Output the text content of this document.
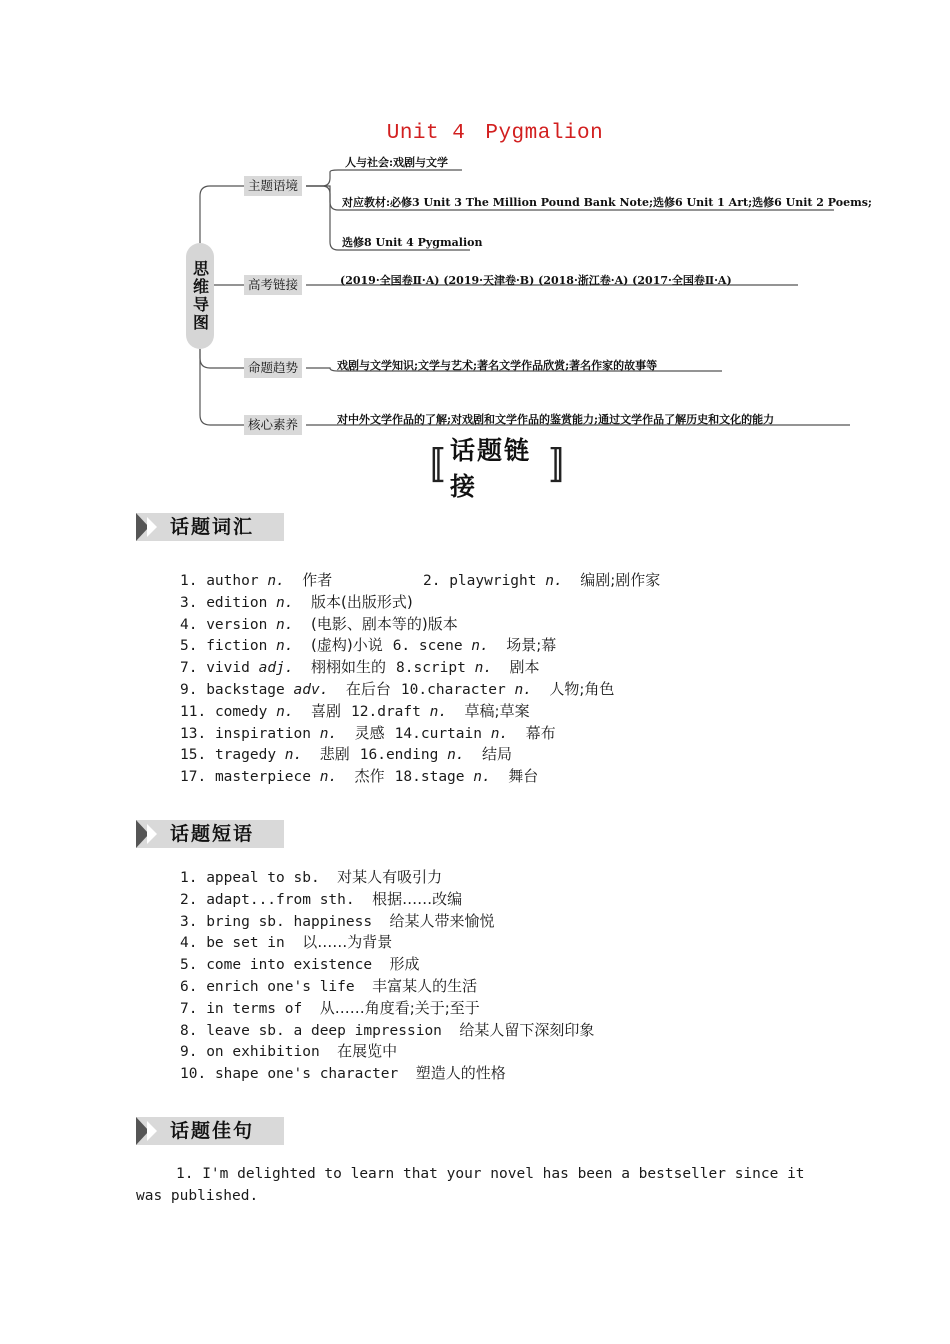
Unit 4 Pygmalion
思维导图
主题语境
高考链接
命题趋势
核心素养
人与社会:戏剧与文学
对应教材:必修3 Unit 3 The Million Pound Bank Note;选修6 Unit 1 Art;选修6 Unit 2 Poems;
选修8 Unit 4 Pygmalion
(2019·全国卷Ⅱ·A) (2019·天津卷·B) (2018·浙江卷·A) (2017·全国卷Ⅱ·A)
戏剧与文学知识;文学与艺术;著名文学作品欣赏;著名作家的故事等
对中外文学作品的了解;对戏剧和文学作品的鉴赏能力;通过文学作品了解历史和文化的能力
〚 话题链接	〛
话题词汇
1. author n. 作者	2. playwright n. 编剧;剧作家
3. edition n. 版本(出版形式)
4. version n. (电影、剧本等的)版本
5. fiction n. (虚构)小说 6. scene n. 场景;幕
7. vivid adj. 栩栩如生的 8.script n. 剧本
9. backstage adv. 在后台 10.character n. 人物;角色
11. comedy n. 喜剧 12.draft n. 草稿;草案
13. inspiration n. 灵感 14.curtain n. 幕布
15. tragedy n. 悲剧 16.ending n. 结局
17. masterpiece n. 杰作 18.stage n. 舞台
话题短语
1. appeal to sb. 对某人有吸引力
2. adapt...from sth. 根据……改编
3. bring sb. happiness 给某人带来愉悦
4. be set in 以……为背景
5. come into existence 形成
6. enrich one's life 丰富某人的生活
7. in terms of 从……角度看;关于;至于
8. leave sb. a deep impression 给某人留下深刻印象
9. on exhibition 在展览中
10. shape one's character 塑造人的性格
话题佳句
1. I'm delighted to learn that your novel has been a bestseller since it was published.
